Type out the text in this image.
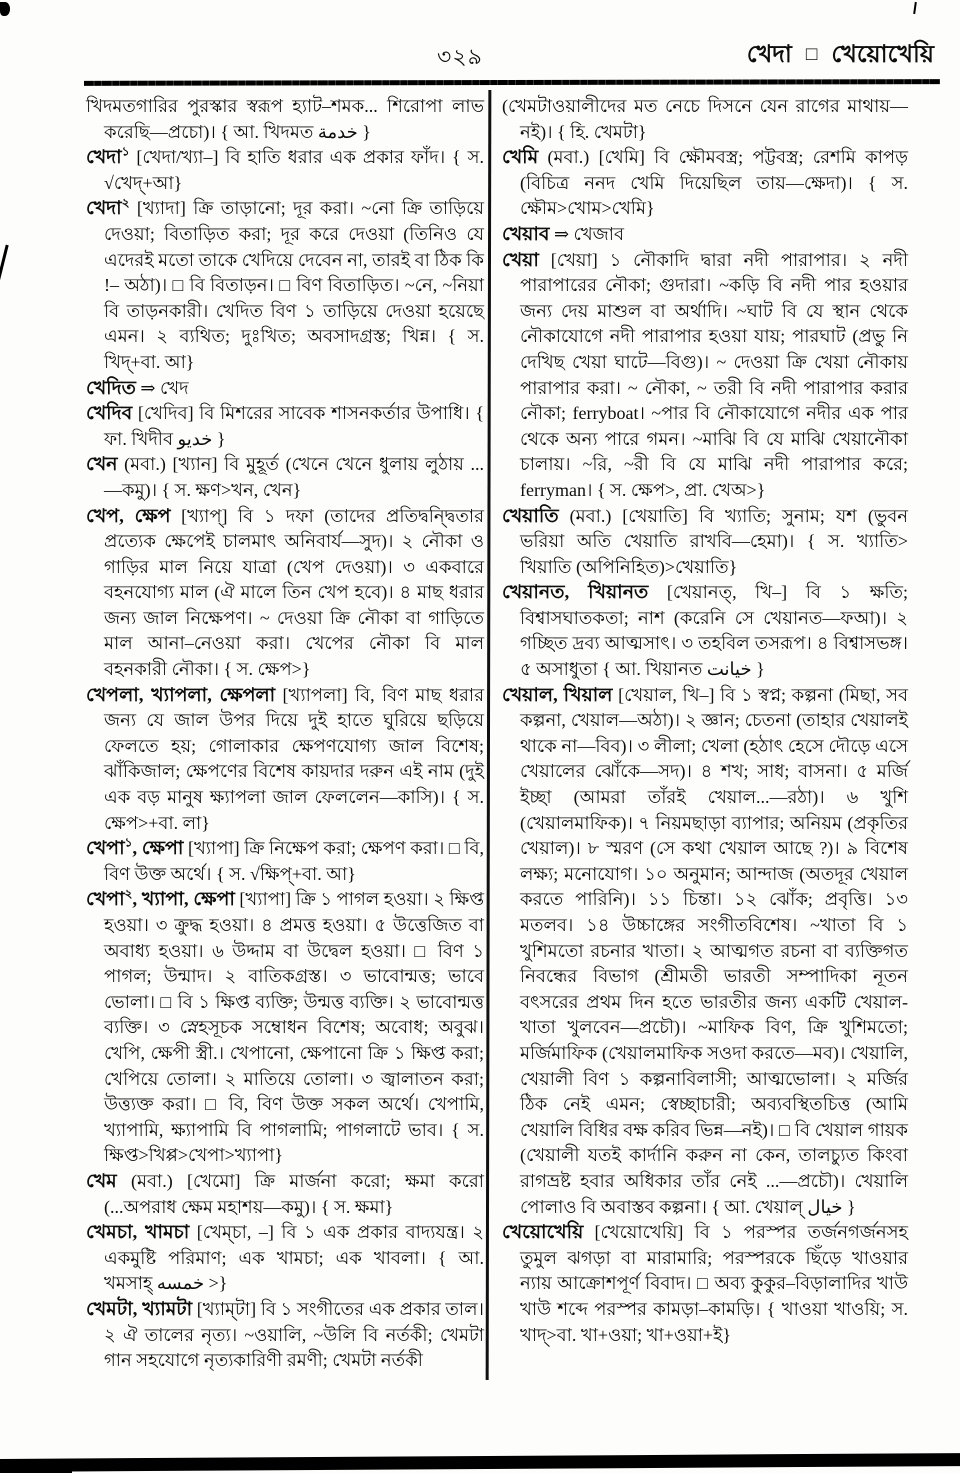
৩২৯	খেদা □ খেয়োখেয়ি

খিদমতগারির পুরস্কার স্বরূপ হ্যাট–শমক... শিরোপা লাভ করেছি—প্রচো)। { আ. খিদমত خدمة }

খেদা$^১$ [খেদা/খ্যা–] বি হাতি ধরার এক প্রকার ফাঁদ। { স. √খেদ্+আ}

খেদা$^২$ [খ্যাদা] ক্রি তাড়ানো; দূর করা। ~নো ক্রি তাড়িয়ে দেওয়া; বিতাড়িত করা; দূর করে দেওয়া (তিনিও যে এদেরই মতো তাকে খেদিয়ে দেবেন না, তারই বা ঠিক কি !– অঠা)। □ বি বিতাড়ন। □ বিণ বিতাড়িত। ~নে, ~নিয়া বি তাড়নকারী। খেদিত বিণ ১ তাড়িয়ে দেওয়া হয়েছে এমন। ২ ব্যথিত; দুঃখিত; অবসাদগ্রস্ত; খিন্ন। { স. খিদ্+বা. আ}

খেদিত ⇒ খেদ

খেদিব [খেদিব] বি মিশরের সাবেক শাসনকর্তার উপাধি। { ফা. খিদীব خديو }

খেন (মবা.) [খ্যান] বি মুহূর্ত (খেনে খেনে ধুলায় লুঠায় ... —কমু)। { স. ক্ষণ>খন, খেন}

খেপ, ক্ষেপ [খ্যাপ্] বি ১ দফা (তাদের প্রতিদ্বন্দ্বিতার প্রত্যেক ক্ষেপেই চালমাৎ অনিবার্য—সুদ)। ২ নৌকা ও গাড়ির মাল নিয়ে যাত্রা (খেপ দেওয়া)। ৩ একবারে বহনযোগ্য মাল (ঐ মালে তিন খেপ হবে)। ৪ মাছ ধরার জন্য জাল নিক্ষেপণ। ~ দেওয়া ক্রি নৌকা বা গাড়িতে মাল আনা–নেওয়া করা। খেপের নৌকা বি মাল বহনকারী নৌকা। { স. ক্ষেপ>}

খেপলা, খ্যাপলা, ক্ষেপলা [খ্যাপলা] বি, বিণ মাছ ধরার জন্য যে জাল উপর দিয়ে দুই হাতে ঘুরিয়ে ছড়িয়ে ফেলতে হয়; গোলাকার ক্ষেপণযোগ্য জাল বিশেষ; ঝাঁকিজাল; ক্ষেপণের বিশেষ কায়দার দরুন এই নাম (দুই এক বড় মানুষ ক্ষ্যাপলা জাল ফেললেন—কাসি)। { স. ক্ষেপ>+বা. লা}

খেপা$^১$, ক্ষেপা [খ্যাপা] ক্রি নিক্ষেপ করা; ক্ষেপণ করা। □ বি, বিণ উক্ত অর্থে। { স. √ক্ষিপ্+বা. আ}

খেপা$^২$, খ্যাপা, ক্ষেপা [খ্যাপা] ক্রি ১ পাগল হওয়া। ২ ক্ষিপ্ত হওয়া। ৩ ক্রুদ্ধ হওয়া। ৪ প্রমত্ত হওয়া। ৫ উত্তেজিত বা অবাধ্য হওয়া। ৬ উদ্দাম বা উদ্বেল হওয়া। □ বিণ ১ পাগল; উন্মাদ। ২ বাতিকগ্রস্ত। ৩ ভাবোন্মত্ত; ভাবে ভোলা। □ বি ১ ক্ষিপ্ত ব্যক্তি; উন্মত্ত ব্যক্তি। ২ ভাবোন্মত্ত ব্যক্তি। ৩ স্নেহসূচক সম্বোধন বিশেষ; অবোধ; অবুঝ। খেপি, ক্ষেপী স্ত্রী.। খেপানো, ক্ষেপানো ক্রি ১ ক্ষিপ্ত করা; খেপিয়ে তোলা। ২ মাতিয়ে তোলা। ৩ জ্বালাতন করা; উত্ত্যক্ত করা। □ বি, বিণ উক্ত সকল অর্থে। খেপামি, খ্যাপামি, ক্ষ্যাপামি বি পাগলামি; পাগলাটে ভাব। { স. ক্ষিপ্ত>খিপ্প>খেপা>খ্যাপা}

খেম (মবা.) [খেমো] ক্রি মার্জনা করো; ক্ষমা করো (...অপরাধ ক্ষেম মহাশয়—কমু)। { স. ক্ষমা}

খেমচা, খামচা [খেম্‌চা, –] বি ১ এক প্রকার বাদ্যযন্ত্র। ২ একমুষ্টি পরিমাণ; এক খামচা; এক খাবলা। { আ. খমসাহ্ خمسه >}

খেমটা, খ্যামটা [খ্যাম্‌টা] বি ১ সংগীতের এক প্রকার তাল। ২ ঐ তালের নৃত্য। ~ওয়ালি, ~উলি বি নর্তকী; খেমটা গান সহযোগে নৃত্যকারিণী রমণী; খেমটা নর্তকী

(খেমটাওয়ালীদের মত নেচে দিসনে যেন রাগের মাথায়—নই)। { হি. খেমটা}

খেমি (মবা.) [খেমি] বি ক্ষৌমবস্ত্র; পট্টবস্ত্র; রেশমি কাপড় (বিচিত্র ননদ খেমি দিয়েছিল তায়—ক্ষেদা)। { স. ক্ষৌম>খোম>খেমি}

খেয়াব ⇒ খেজাব

খেয়া [খেয়া] ১ নৌকাদি দ্বারা নদী পারাপার। ২ নদী পারাপারের নৌকা; গুদারা। ~কড়ি বি নদী পার হওয়ার জন্য দেয় মাশুল বা অর্থাদি। ~ঘাট বি যে স্থান থেকে নৌকাযোগে নদী পারাপার হওয়া যায়; পারঘাট (প্রভু নি দেখিছ খেয়া ঘাটে—বিগু)। ~ দেওয়া ক্রি খেয়া নৌকায় পারাপার করা। ~ নৌকা, ~ তরী বি নদী পারাপার করার নৌকা; ferryboat। ~পার বি নৌকাযোগে নদীর এক পার থেকে অন্য পারে গমন। ~মাঝি বি যে মাঝি খেয়ানৌকা চালায়। ~রি, ~রী বি যে মাঝি নদী পারাপার করে; ferryman। { স. ক্ষেপ>, প্রা. খেঅ>}

খেয়াতি (মবা.) [খেয়াতি] বি খ্যাতি; সুনাম; যশ (ভুবন ভরিয়া অতি খেয়াতি রাখবি—হেমা)। { স. খ্যাতি> খিয়াতি (অপিনিহিত)>খেয়াতি}

খেয়ানত, খিয়ানত [খেয়ানত্, খি–] বি ১ ক্ষতি; বিশ্বাসঘাতকতা; নাশ (করেনি সে খেয়ানত—ফআ)। ২ গচ্ছিত দ্রব্য আত্মসাৎ। ৩ তহবিল তসরূপ। ৪ বিশ্বাসভঙ্গ। ৫ অসাধুতা { আ. খিয়ানত خيانت }

খেয়াল, খিয়াল [খেয়াল, খি–] বি ১ স্বপ্ন; কল্পনা (মিছা, সব কল্পনা, খেয়াল—অঠা)। ২ জ্ঞান; চেতনা (তাহার খেয়ালই থাকে না—বিব)। ৩ লীলা; খেলা (হঠাৎ হেসে দৌড়ে এসে খেয়ালের ঝোঁকে—সদ)। ৪ শখ; সাধ; বাসনা। ৫ মর্জি ইচ্ছা (আমরা তাঁরই খেয়াল...—রঠা)। ৬ খুশি (খেয়ালমাফিক)। ৭ নিয়মছাড়া ব্যাপার; অনিয়ম (প্রকৃতির খেয়াল)। ৮ স্মরণ (সে কথা খেয়াল আছে ?)। ৯ বিশেষ লক্ষ্য; মনোযোগ। ১০ অনুমান; আন্দাজ (অতদূর খেয়াল করতে পারিনি)। ১১ চিন্তা। ১২ ঝোঁক; প্রবৃত্তি। ১৩ মতলব। ১৪ উচ্চাঙ্গের সংগীতবিশেষ। ~খাতা বি ১ খুশিমতো রচনার খাতা। ২ আত্মগত রচনা বা ব্যক্তিগত নিবন্ধের বিভাগ (শ্রীমতী ভারতী সম্পাদিকা নূতন বৎসরের প্রথম দিন হতে ভারতীর জন্য একটি খেয়াল-খাতা খুলবেন—প্রচৌ)। ~মাফিক বিণ, ক্রি খুশিমতো; মর্জিমাফিক (খেয়ালমাফিক সওদা করতে—মব)। খেয়ালি, খেয়ালী বিণ ১ কল্পনাবিলাসী; আত্মভোলা। ২ মর্জির ঠিক নেই এমন; স্বেচ্ছাচারী; অব্যবস্থিতচিত্ত (আমি খেয়ালি বিধির বক্ষ করিব ভিন্ন—নই)। □ বি খেয়াল গায়ক (খেয়ালী যতই কার্দানি করুন না কেন, তালচ্যুত কিংবা রাগভ্রষ্ট হবার অধিকার তাঁর নেই ...—প্রচৌ)। খেয়ালি পোলাও বি অবাস্তব কল্পনা। { আ. খেয়াল্ خيال }

খেয়োখেয়ি [খেয়োখেয়ি] বি ১ পরস্পর তর্জনগর্জনসহ তুমুল ঝগড়া বা মারামারি; পরস্পরকে ছিঁড়ে খাওয়ার ন্যায় আক্রোশপূর্ণ বিবাদ। □ অব্য কুকুর–বিড়ালাদির খাউ খাউ শব্দে পরস্পর কামড়া–কামড়ি। { খাওয়া খাওয়ি; স. খাদ্>বা. খা+ওয়া; খা+ওয়া+ই}
